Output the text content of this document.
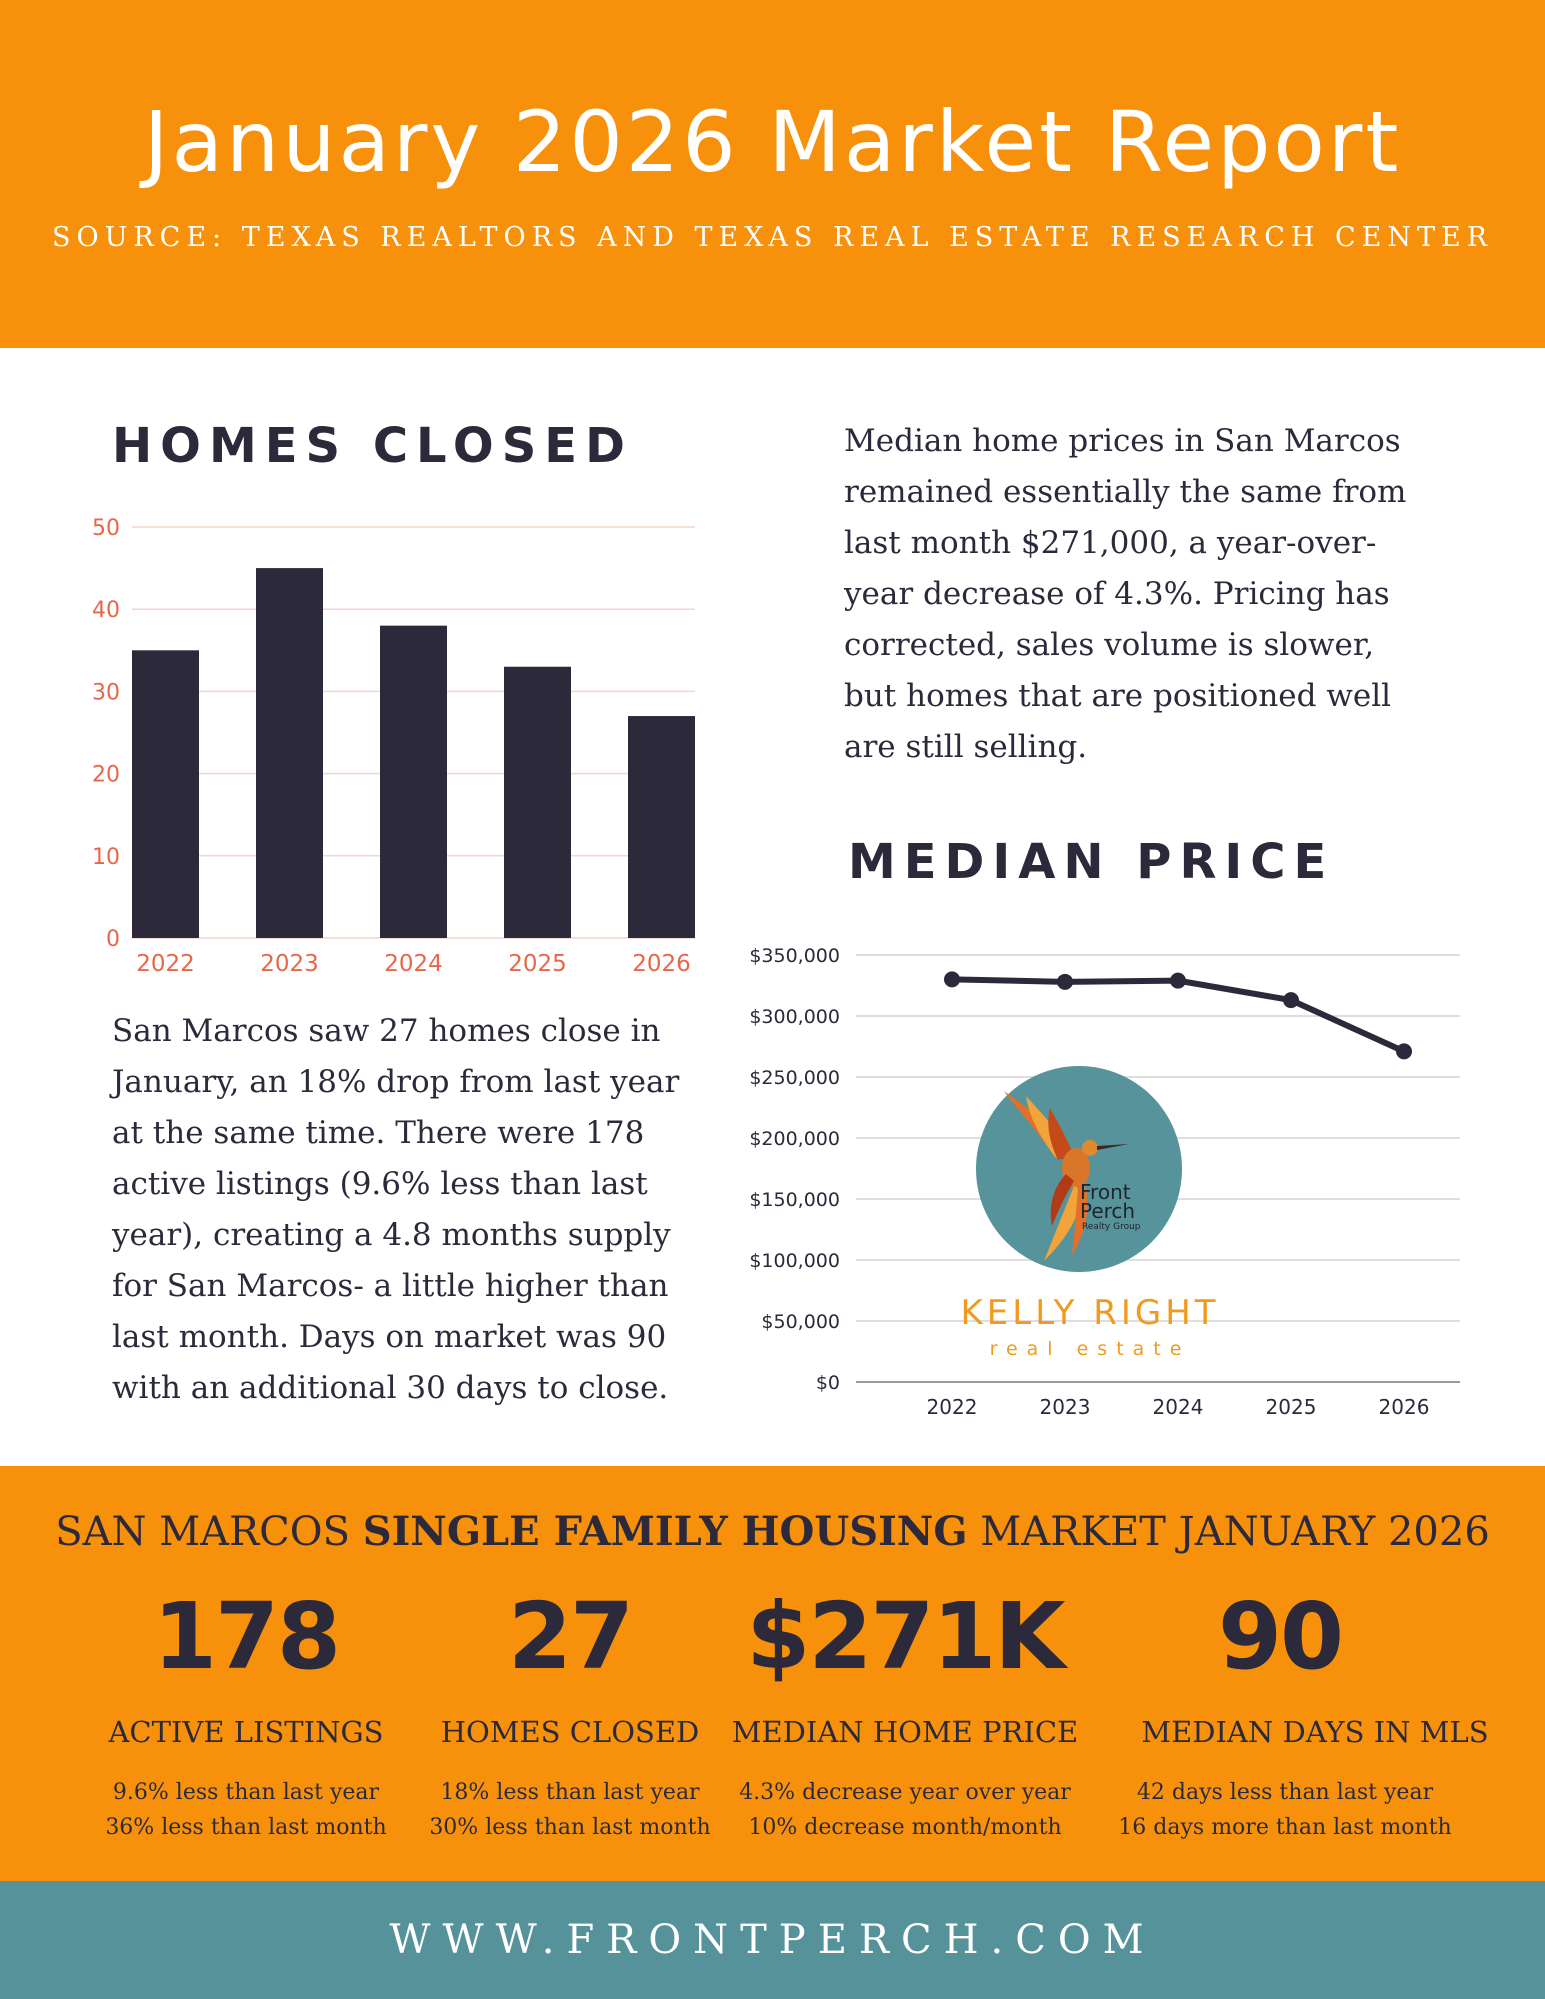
January 2026 Market Report
SOURCE: TEXAS REALTORS AND TEXAS REAL ESTATE RESEARCH CENTER
HOMES CLOSED
0
10
20
30
40
50
2022	2023	2024	2025	2026
San Marcos saw 27 homes close in January, an 18% drop from last year at the same time. There were 178 active listings (9.6% less than last year), creating a 4.8 months supply for San Marcos- a little higher than last month. Days on market was 90 with an additional 30 days to close.
Median home prices in San Marcos remained essentially the same from last month $271,000, a year-over-year decrease of 4.3%. Pricing has corrected, sales volume is slower, but homes that are positioned well are still selling.
MEDIAN PRICE
$0
$50,000
$100,000
$150,000
$200,000
$250,000
$300,000
$350,000
2022	2023	2024	2025	2026
Front
Perch
Realty Group
KELLY RIGHT
real estate
SAN MARCOS SINGLE FAMILY HOUSING MARKET JANUARY 2026
178
ACTIVE LISTINGS
9.6% less than last year
36% less than last month
27
HOMES CLOSED
18% less than last year
30% less than last month
$271K
MEDIAN HOME PRICE
4.3% decrease year over year
10% decrease month/month
90
MEDIAN DAYS IN MLS
42 days less than last year
16 days more than last month
WWW.FRONTPERCH.COM
